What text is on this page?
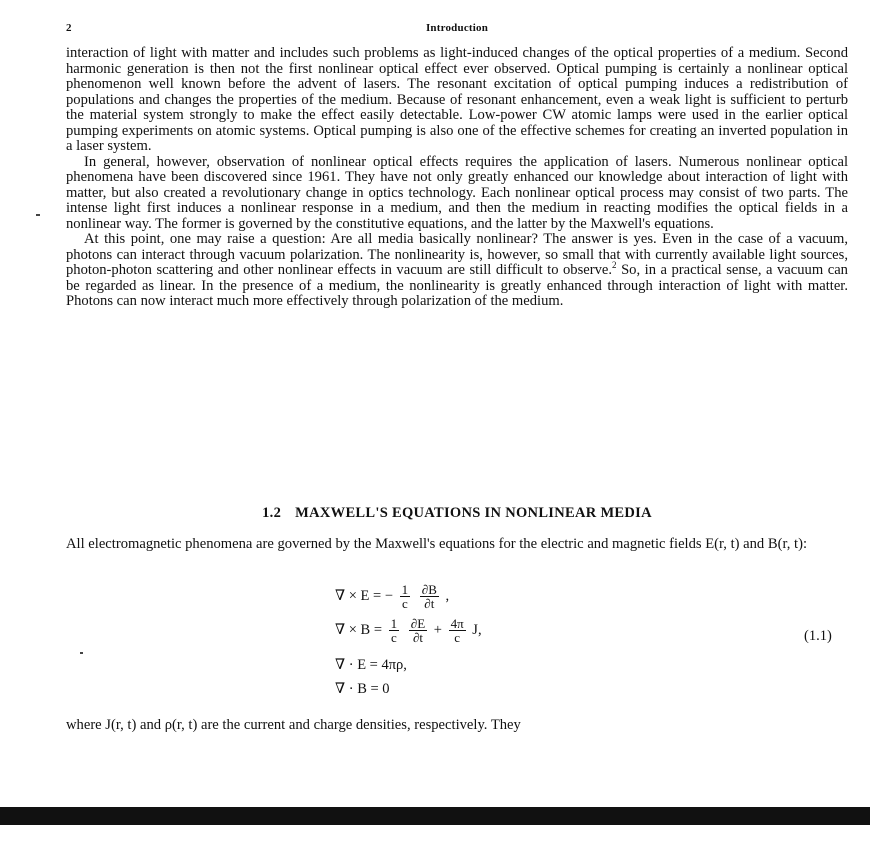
2	Introduction

interaction of light with matter and includes such problems as light-induced changes of the optical properties of a medium. Second harmonic generation is then not the first nonlinear optical effect ever observed. Optical pumping is certainly a nonlinear optical phenomenon well known before the advent of lasers. The resonant excitation of optical pumping induces a redistribution of populations and changes the properties of the medium. Because of resonant enhancement, even a weak light is sufficient to perturb the material system strongly to make the effect easily detectable. Low-power CW atomic lamps were used in the earlier optical pumping experiments on atomic systems. Optical pumping is also one of the effective schemes for creating an inverted population in a laser system.

In general, however, observation of nonlinear optical effects requires the application of lasers. Numerous nonlinear optical phenomena have been discovered since 1961. They have not only greatly enhanced our knowledge about interaction of light with matter, but also created a revolutionary change in optics technology. Each nonlinear optical process may consist of two parts. The intense light first induces a nonlinear response in a medium, and then the medium in reacting modifies the optical fields in a nonlinear way. The former is governed by the constitutive equations, and the latter by the Maxwell's equations.

At this point, one may raise a question: Are all media basically nonlinear? The answer is yes. Even in the case of a vacuum, photons can interact through vacuum polarization. The nonlinearity is, however, so small that with currently available light sources, photon-photon scattering and other nonlinear effects in vacuum are still difficult to observe.$^2$ So, in a practical sense, a vacuum can be regarded as linear. In the presence of a medium, the nonlinearity is greatly enhanced through interaction of light with matter. Photons can now interact much more effectively through polarization of the medium.

1.2 MAXWELL'S EQUATIONS IN NONLINEAR MEDIA
All electromagnetic phenomena are governed by the Maxwell's equations for the electric and magnetic fields E(r, t) and B(r, t):
∇ × E = − $\frac{1}{c}$
$\frac{\partial B}{\partial t}$ ,
∇ × $B = \frac{1}{c}$
$\frac{\partial E}{\partial t} + \frac{4\pi}{c} J$,
∇ · E = 4πρ,
∇ · B = 0
(1.1)
where J(r, t) and ρ(r, t) are the current and charge densities, respectively. They
